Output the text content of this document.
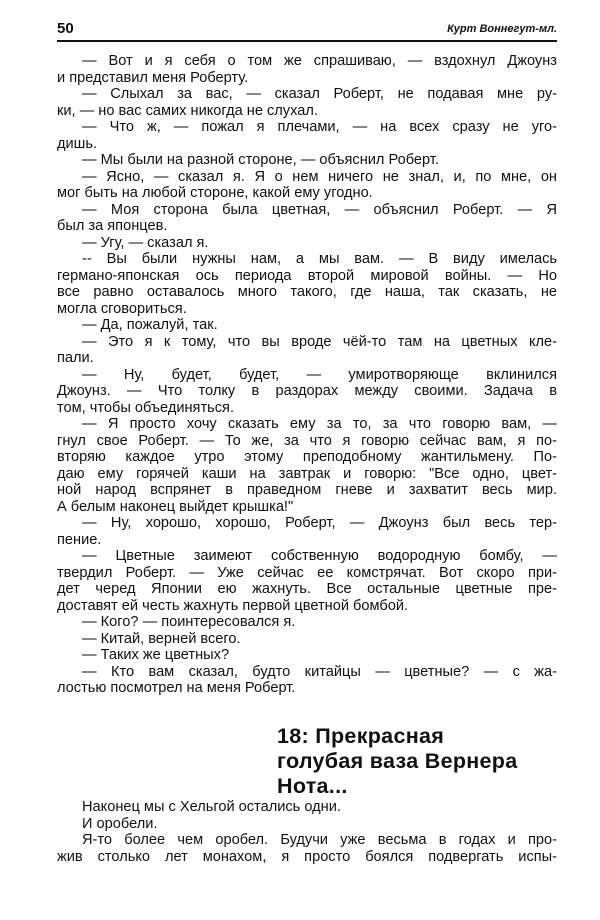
50	Курт Воннегут-мл.
— Вот и я себя о том же спрашиваю, — вздохнул Джоунз
и представил меня Роберту.
— Слыхал за вас, — сказал Роберт, не подавая мне ру-
ки, — но вас самих никогда не слухал.
— Что ж, — пожал я плечами, — на всех сразу не уго-
дишь.
— Мы были на разной стороне, — объяснил Роберт.
— Ясно, — сказал я. Я о нем ничего не знал, и, по мне, он
мог быть на любой стороне, какой ему угодно.
— Моя сторона была цветная, — объяснил Роберт. — Я
был за японцев.
— Угу, — сказал я.
-- Вы были нужны нам, а мы вам. — В виду имелась
германо-японская ось периода второй мировой войны. — Но
все равно оставалось много такого, где наша, так сказать, не
могла сговориться.
— Да, пожалуй, так.
— Это я к тому, что вы вроде чёй-то там на цветных кле-
пали.
— Ну, будет, будет, — умиротворяюще вклинился
Джоунз. — Что толку в раздорах между своими. Задача в
том, чтобы объединяться.
— Я просто хочу сказать ему за то, за что говорю вам, —
гнул свое Роберт. — То же, за что я говорю сейчас вам, я по-
вторяю каждое утро этому преподобному жантильмену. По-
даю ему горячей каши на завтрак и говорю: "Все одно, цвет-
ной народ вспрянет в праведном гневе и захватит весь мир.
А белым наконец выйдет крышка!"
— Ну, хорошо, хорошо, Роберт, — Джоунз был весь тер-
пение.
— Цветные заимеют собственную водородную бомбу, —
твердил Роберт. — Уже сейчас ее комстрячат. Вот скоро при-
дет черед Японии ею жахнуть. Все остальные цветные пре-
доставят ей честь жахнуть первой цветной бомбой.
— Кого? — поинтересовался я.
— Китай, верней всего.
— Таких же цветных?
— Кто вам сказал, будто китайцы — цветные? — с жа-
лостью посмотрел на меня Роберт.
18: Прекрасная
голубая ваза Вернера
Нота...
Наконец мы с Хельгой остались одни.
И оробели.
Я-то более чем оробел. Будучи уже весьма в годах и про-
жив столько лет монахом, я просто боялся подвергать испы-
